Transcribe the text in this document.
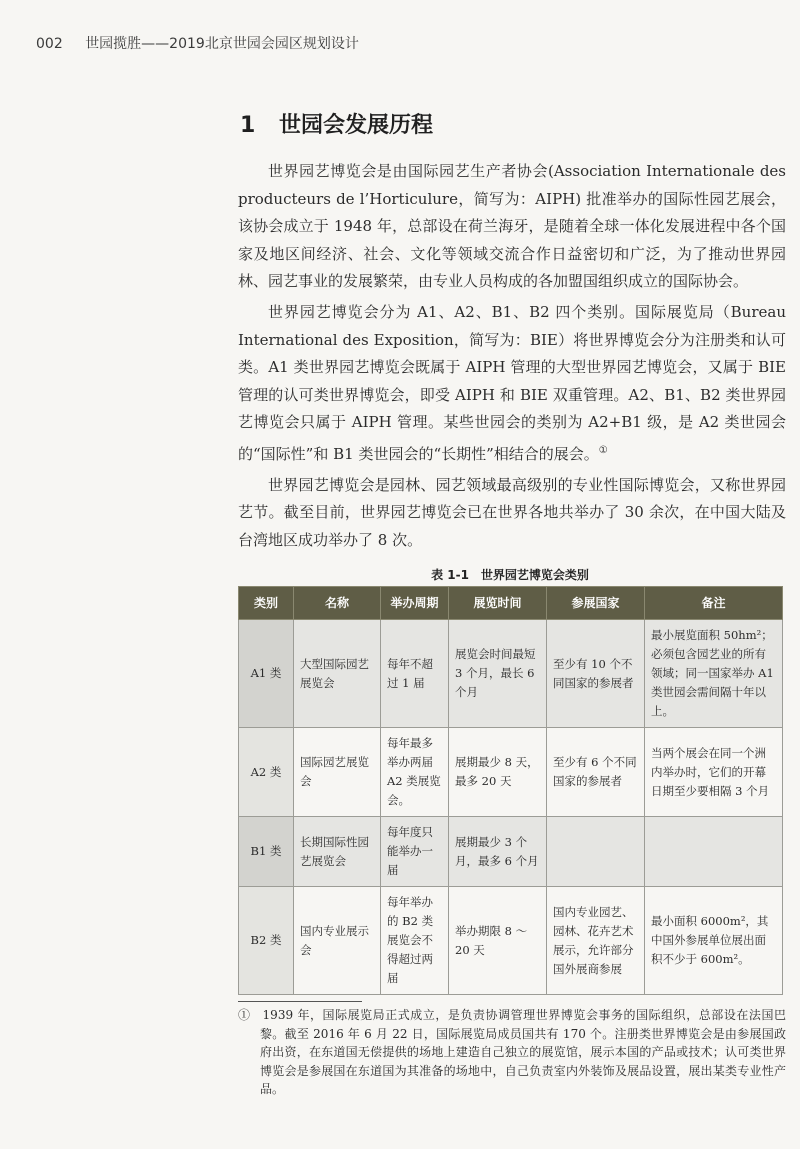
002 世园揽胜——2019北京世园会园区规划设计
1 世园会发展历程

世界园艺博览会是由国际园艺生产者协会(Association Internationale des producteurs de l’Horticulure，简写为：AIPH) 批准举办的国际性园艺展会，该协会成立于 1948 年，总部设在荷兰海牙，是随着全球一体化发展进程中各个国家及地区间经济、社会、文化等领域交流合作日益密切和广泛，为了推动世界园林、园艺事业的发展繁荣，由专业人员构成的各加盟国组织成立的国际协会。

世界园艺博览会分为 A1、A2、B1、B2 四个类别。国际展览局（Bureau International des Exposition，简写为：BIE）将世界博览会分为注册类和认可类。A1 类世界园艺博览会既属于 AIPH 管理的大型世界园艺博览会，又属于 BIE 管理的认可类世界博览会，即受 AIPH 和 BIE 双重管理。A2、B1、B2 类世界园艺博览会只属于 AIPH 管理。某些世园会的类别为 A2+B1 级，是 A2 类世园会的“国际性”和 B1 类世园会的“长期性”相结合的展会。①

世界园艺博览会是园林、园艺领域最高级别的专业性国际博览会，又称世界园艺节。截至目前，世界园艺博览会已在世界各地共举办了 30 余次，在中国大陆及台湾地区成功举办了 8 次。

表 1-1　世界园艺博览会类别
类别	名称	举办周期	展览时间	参展国家	备注
A1 类	大型国际园艺展览会	每年不超过 1 届	展览会时间最短 3 个月，最长 6 个月	至少有 10 个不同国家的参展者	最小展览面积 50hm²；必须包含园艺业的所有领域；同一国家举办 A1 类世园会需间隔十年以上。
A2 类	国际园艺展览会	每年最多举办两届 A2 类展览会。	展期最少 8 天，最多 20 天	至少有 6 个不同国家的参展者	当两个展会在同一个洲内举办时，它们的开幕日期至少要相隔 3 个月
B1 类	长期国际性园艺展览会	每年度只能举办一届	展期最少 3 个月，最多 6 个月		
B2 类	国内专业展示会	每年举办的 B2 类展览会不得超过两届	举办期限 8 ～ 20 天	国内专业园艺、园林、花卉艺术展示，允许部分国外展商参展	最小面积 6000m²，其中国外参展单位展出面积不少于 600m²。

①  1939 年，国际展览局正式成立，是负责协调管理世界博览会事务的国际组织，总部设在法国巴黎。截至 2016 年 6 月 22 日，国际展览局成员国共有 170 个。注册类世界博览会是由参展国政府出资，在东道国无偿提供的场地上建造自己独立的展览馆，展示本国的产品或技术；认可类世界博览会是参展国在东道国为其准备的场地中，自己负责室内外装饰及展品设置，展出某类专业性产品。
